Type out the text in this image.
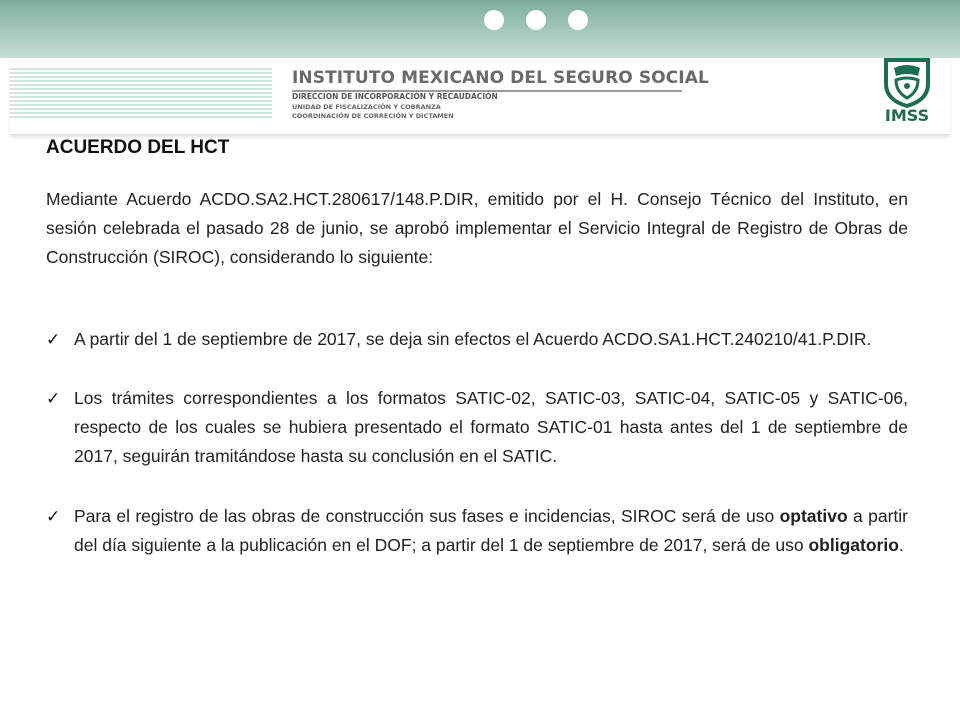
INSTITUTO MEXICANO DEL SEGURO SOCIAL
DIRECCION DE INCORPORACIÓN Y RECAUDACIÓN
UNIDAD DE FISCALIZACIÓN Y COBRANZA
COORDINACIÓN DE CORRECIÓN Y DICTAMEN	IMSS
ACUERDO DEL HCT

Mediante Acuerdo ACDO.SA2.HCT.280617/148.P.DIR, emitido por el H. Consejo Técnico del Instituto, en sesión celebrada el pasado 28 de junio, se aprobó implementar el Servicio Integral de Registro de Obras de Construcción (SIROC), considerando lo siguiente:

✓ A partir del 1 de septiembre de 2017, se deja sin efectos el Acuerdo ACDO.SA1.HCT.240210/41.P.DIR.
✓ Los trámites correspondientes a los formatos SATIC-02, SATIC-03, SATIC-04, SATIC-05 y SATIC-06, respecto de los cuales se hubiera presentado el formato SATIC-01 hasta antes del 1 de septiembre de 2017, seguirán tramitándose hasta su conclusión en el SATIC.
✓ Para el registro de las obras de construcción sus fases e incidencias, SIROC será de uso optativo a partir del día siguiente a la publicación en el DOF; a partir del 1 de septiembre de 2017, será de uso obligatorio.
